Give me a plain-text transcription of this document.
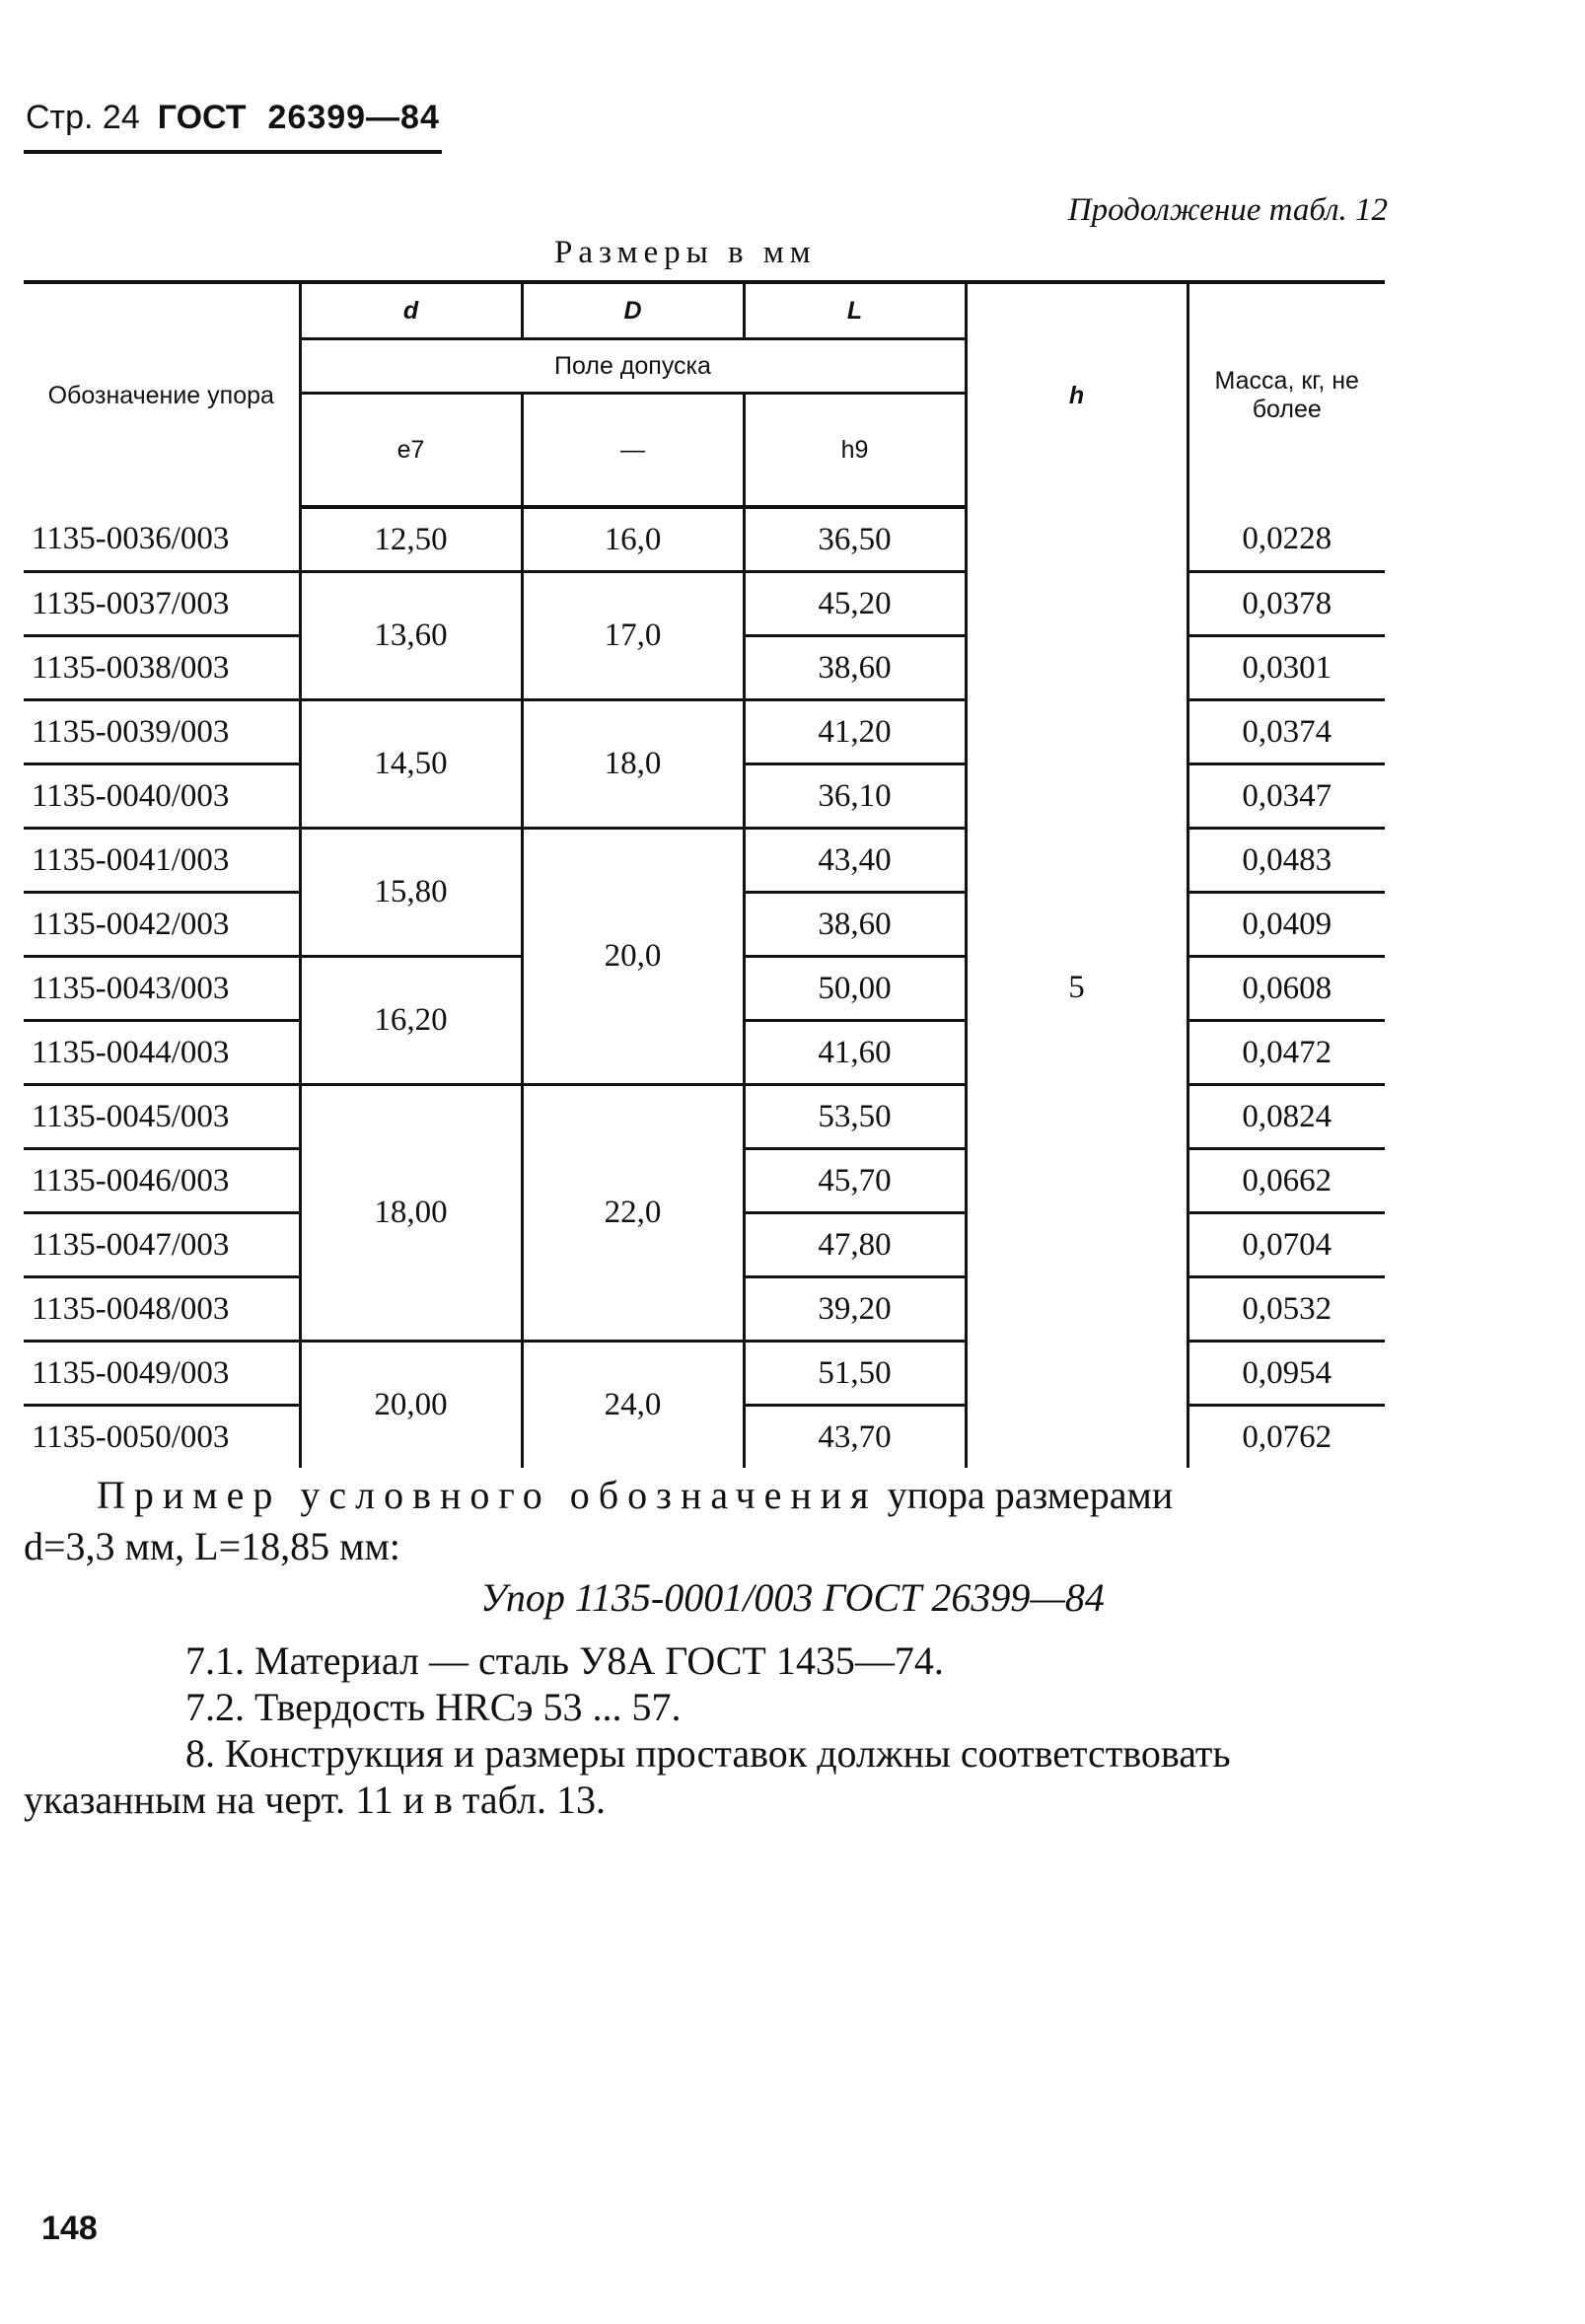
Стр. 24 ГОСТ 26399—84
Продолжение табл. 12
Размеры в мм
Обозначение упора	d	D	L	h	Масса, кг, не более
	Поле допуска				
	e7	—	h9		
1135-0036/003	12,50	16,0	36,50	5	0,0228
1135-0037/003	13,60	17,0	45,20		0,0378
1135-0038/003			38,60		0,0301
1135-0039/003	14,50	18,0	41,20		0,0374
1135-0040/003			36,10		0,0347
1135-0041/003	15,80	20,0	43,40		0,0483
1135-0042/003			38,60		0,0409
1135-0043/003	16,20		50,00		0,0608
1135-0044/003			41,60		0,0472
1135-0045/003	18,00	22,0	53,50		0,0824
1135-0046/003			45,70		0,0662
1135-0047/003			47,80		0,0704
1135-0048/003			39,20		0,0532
1135-0049/003	20,00	24,0	51,50		0,0954
1135-0050/003			43,70		0,0762
Пример условного обозначения упора размерами
d=3,3 мм, L=18,85 мм:
Упор 1135-0001/003 ГОСТ 26399—84

7.1. Материал — сталь У8А ГОСТ 1435—74.

7.2. Твердость HRCэ 53 ... 57.

8. Конструкция и размеры проставок должны соответствовать

указанным на черт. 11 и в табл. 13.

148
